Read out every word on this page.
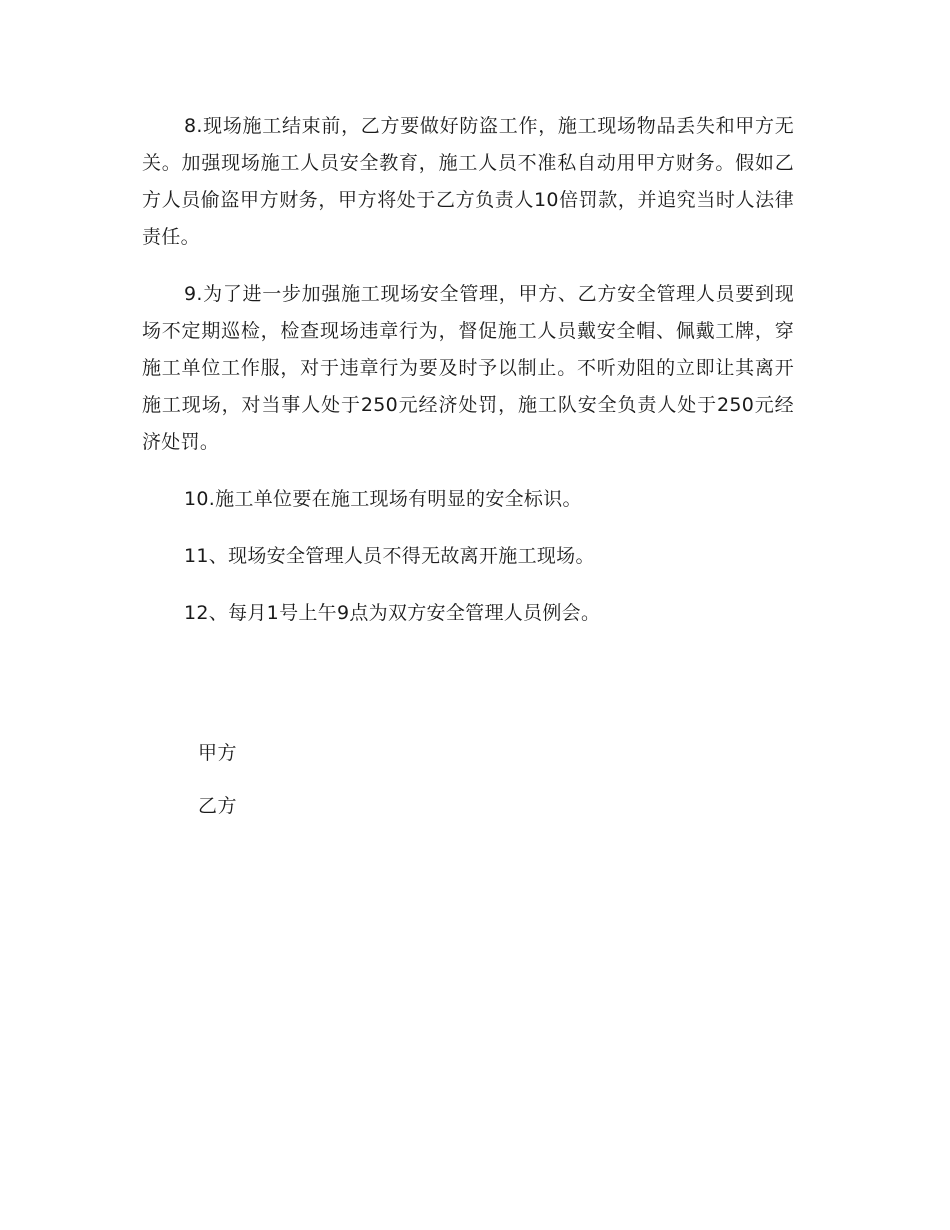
8.现场施工结束前，乙方要做好防盗工作，施工现场物品丢失和甲方无关。加强现场施工人员安全教育，施工人员不准私自动用甲方财务。假如乙方人员偷盗甲方财务，甲方将处于乙方负责人10倍罚款，并追究当时人法律责任。

9.为了进一步加强施工现场安全管理，甲方、乙方安全管理人员要到现场不定期巡检，检查现场违章行为，督促施工人员戴安全帽、佩戴工牌，穿施工单位工作服，对于违章行为要及时予以制止。不听劝阻的立即让其离开施工现场，对当事人处于250元经济处罚，施工队安全负责人处于250元经济处罚。

10.施工单位要在施工现场有明显的安全标识。

11、现场安全管理人员不得无故离开施工现场。

12、每月1号上午9点为双方安全管理人员例会。

甲方
乙方
